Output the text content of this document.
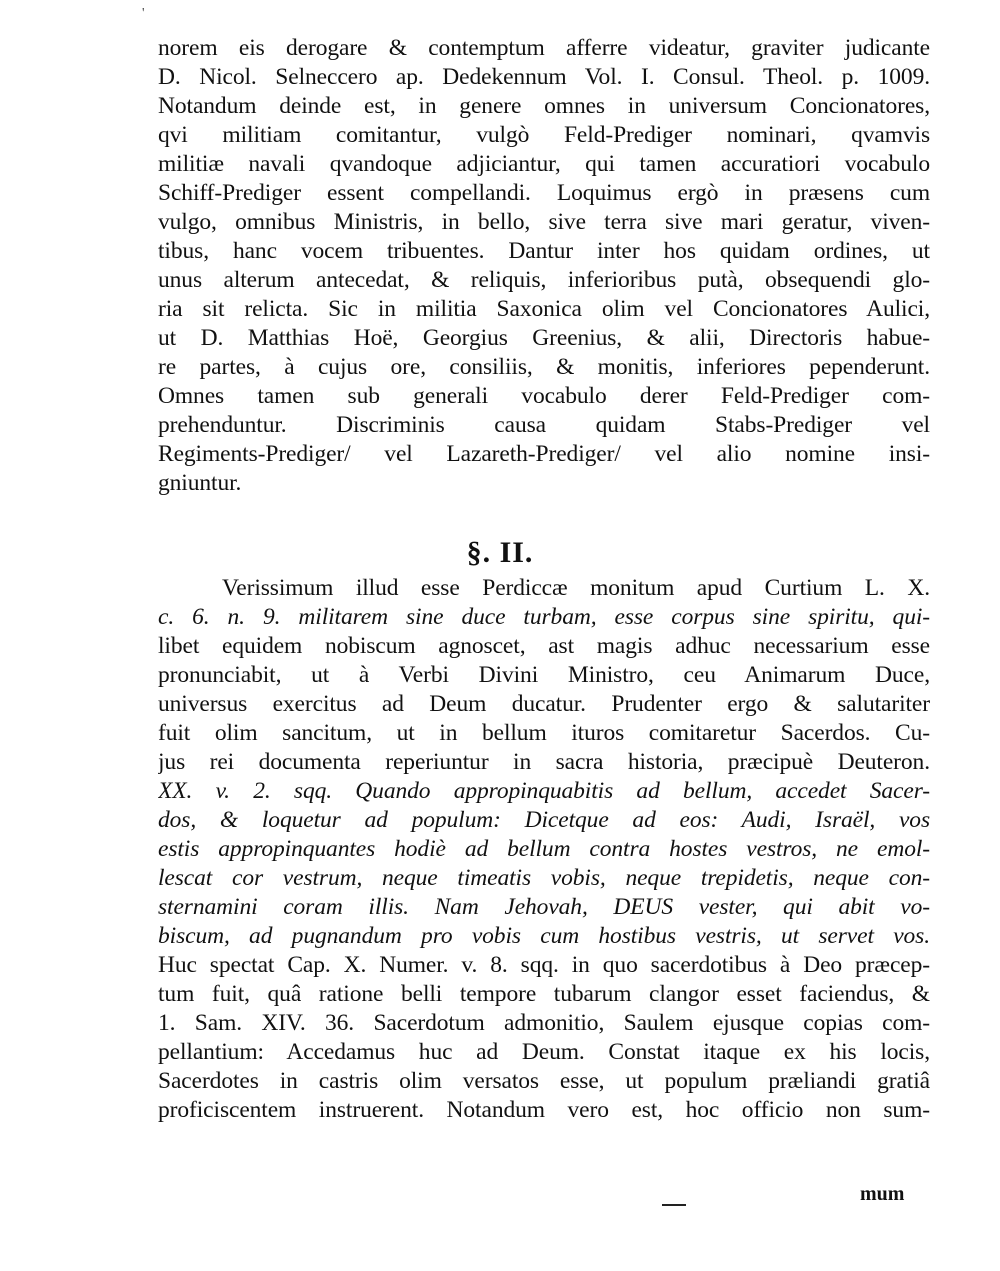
'
norem eis derogare & contemptum afferre videatur, graviter judicante
D. Nicol. Selneccero ap. Dedekennum Vol. I. Consul. Theol. p. 1009.
Notandum deinde est, in genere omnes in universum Concionatores,
qvi militiam comitantur, vulgò Feld-Prediger nominari, qvamvis
militiæ navali qvandoque adjiciantur, qui tamen accuratiori vocabulo
Schiff-Prediger essent compellandi. Loquimus ergò in præsens cum
vulgo, omnibus Ministris, in bello, sive terra sive mari geratur, viven-
tibus, hanc vocem tribuentes. Dantur inter hos quidam ordines, ut
unus alterum antecedat, & reliquis, inferioribus putà, obsequendi glo-
ria sit relicta. Sic in militia Saxonica olim vel Concionatores Aulici,
ut D. Matthias Hoë, Georgius Greenius, & alii, Directoris habue-
re partes, à cujus ore, consiliis, & monitis, inferiores pependerunt.
Omnes tamen sub generali vocabulo derer Feld-Prediger com-
prehenduntur. Discriminis causa quidam Stabs-Prediger vel
Regiments-Prediger/ vel Lazareth-Prediger/ vel alio nomine insi-
gniuntur.
§. II.
Verissimum illud esse Perdiccæ monitum apud Curtium L. X.
c. 6. n. 9. militarem sine duce turbam, esse corpus sine spiritu, qui-
libet equidem nobiscum agnoscet, ast magis adhuc necessarium esse
pronunciabit, ut à Verbi Divini Ministro, ceu Animarum Duce,
universus exercitus ad Deum ducatur. Prudenter ergo & salutariter
fuit olim sancitum, ut in bellum ituros comitaretur Sacerdos. Cu-
jus rei documenta reperiuntur in sacra historia, præcipuè Deuteron.
XX. v. 2. sqq. Quando appropinquabitis ad bellum, accedet Sacer-
dos, & loquetur ad populum: Dicetque ad eos: Audi, Israël, vos
estis appropinquantes hodiè ad bellum contra hostes vestros, ne emol-
lescat cor vestrum, neque timeatis vobis, neque trepidetis, neque con-
sternamini coram illis. Nam Jehovah, DEUS vester, qui abit vo-
biscum, ad pugnandum pro vobis cum hostibus vestris, ut servet vos.
Huc spectat Cap. X. Numer. v. 8. sqq. in quo sacerdotibus à Deo præcep-
tum fuit, quâ ratione belli tempore tubarum clangor esset faciendus, &
1. Sam. XIV. 36. Sacerdotum admonitio, Saulem ejusque copias com-
pellantium: Accedamus huc ad Deum. Constat itaque ex his locis,
Sacerdotes in castris olim versatos esse, ut populum præliandi gratiâ
proficiscentem instruerent. Notandum vero est, hoc officio non sum-
mum
